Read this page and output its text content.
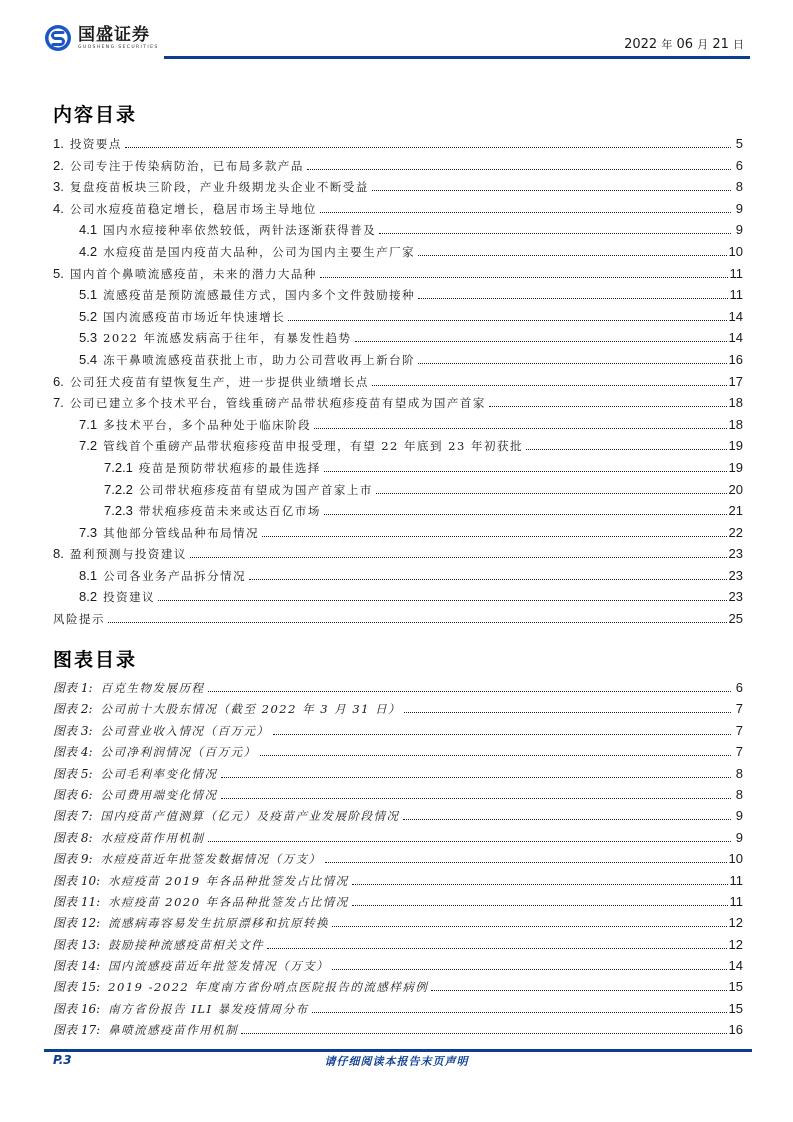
国盛证券
GUOSHENG SECURITIES	2022 年 06 月 21 日
内容目录
1. 投资要点	5
2. 公司专注于传染病防治，已布局多款产品	6
3. 复盘疫苗板块三阶段，产业升级期龙头企业不断受益	8
4. 公司水痘疫苗稳定增长，稳居市场主导地位	9
4.1 国内水痘接种率依然较低，两针法逐渐获得普及	9
4.2 水痘疫苗是国内疫苗大品种，公司为国内主要生产厂家	10
5. 国内首个鼻喷流感疫苗，未来的潜力大品种	11
5.1 流感疫苗是预防流感最佳方式，国内多个文件鼓励接种	11
5.2 国内流感疫苗市场近年快速增长	14
5.3 2022 年流感发病高于往年，有暴发性趋势	14
5.4 冻干鼻喷流感疫苗获批上市，助力公司营收再上新台阶	16
6. 公司狂犬疫苗有望恢复生产，进一步提供业绩增长点	17
7. 公司已建立多个技术平台，管线重磅产品带状疱疹疫苗有望成为国产首家	18
7.1 多技术平台，多个品种处于临床阶段	18
7.2 管线首个重磅产品带状疱疹疫苗申报受理，有望 22 年底到 23 年初获批	19
7.2.1 疫苗是预防带状疱疹的最佳选择	19
7.2.2 公司带状疱疹疫苗有望成为国产首家上市	20
7.2.3 带状疱疹疫苗未来或达百亿市场	21
7.3 其他部分管线品种布局情况	22
8. 盈利预测与投资建议	23
8.1 公司各业务产品拆分情况	23
8.2 投资建议	23
风险提示	25
图表目录
图表 1: 百克生物发展历程	6
图表 2: 公司前十大股东情况（截至 2022 年 3 月 31 日）	7
图表 3: 公司营业收入情况（百万元）	7
图表 4: 公司净利润情况（百万元）	7
图表 5: 公司毛利率变化情况	8
图表 6: 公司费用端变化情况	8
图表 7: 国内疫苗产值测算（亿元）及疫苗产业发展阶段情况	9
图表 8: 水痘疫苗作用机制	9
图表 9: 水痘疫苗近年批签发数据情况（万支）	10
图表 10: 水痘疫苗 2019 年各品种批签发占比情况	11
图表 11: 水痘疫苗 2020 年各品种批签发占比情况	11
图表 12: 流感病毒容易发生抗原漂移和抗原转换	12
图表 13: 鼓励接种流感疫苗相关文件	12
图表 14: 国内流感疫苗近年批签发情况（万支）	14
图表 15: 2019 -2022 年度南方省份哨点医院报告的流感样病例	15
图表 16: 南方省份报告 ILI 暴发疫情周分布	15
图表 17: 鼻喷流感疫苗作用机制	16
P.3	请仔细阅读本报告末页声明
